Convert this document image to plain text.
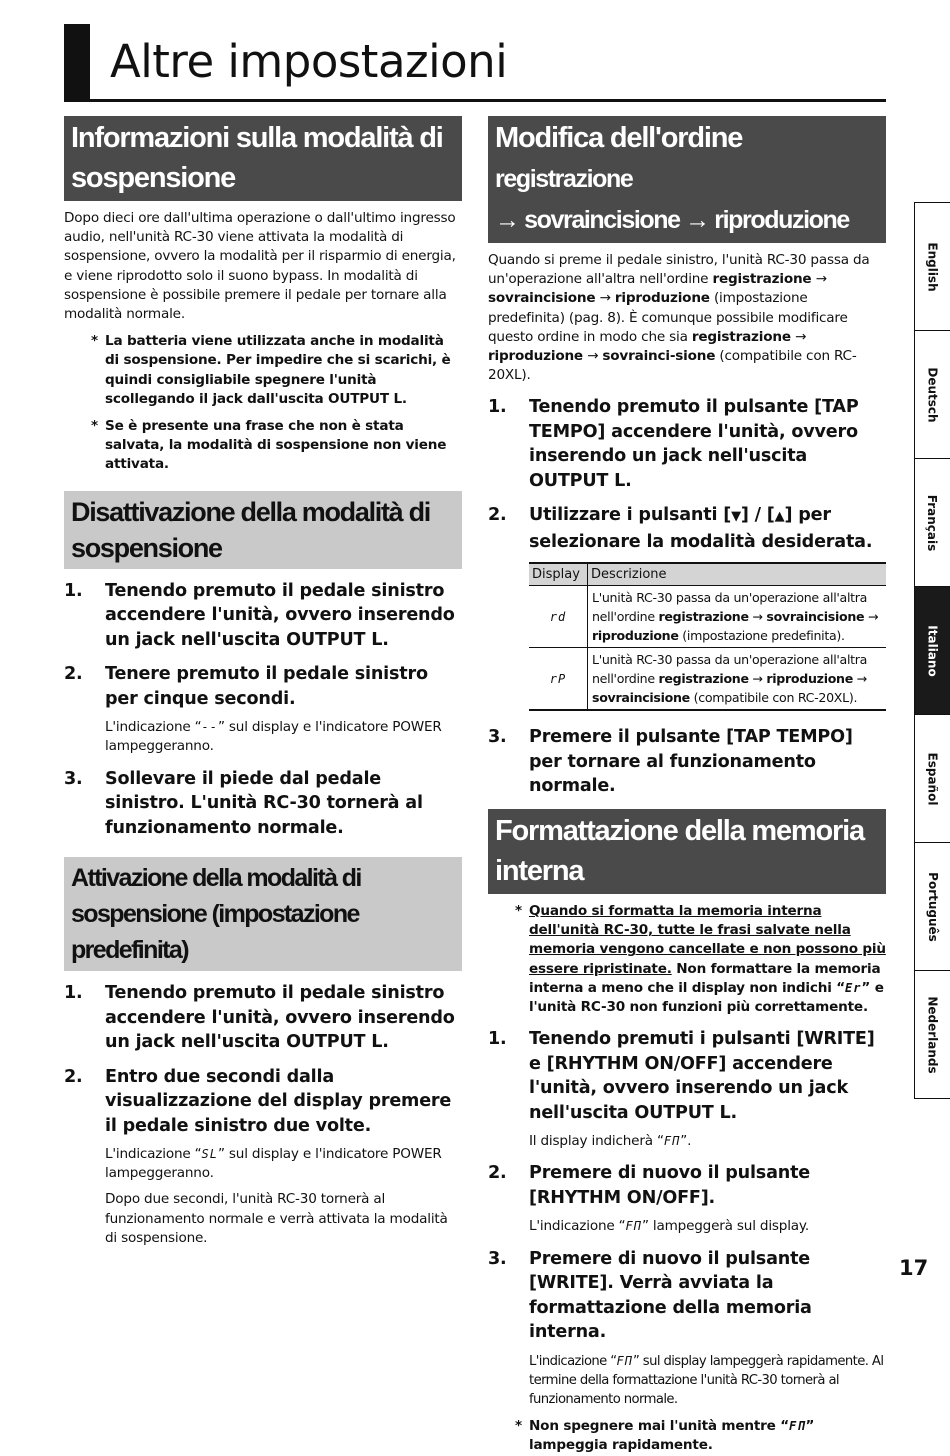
Altre impostazioni
Informazioni sulla modalità di sospensione

Dopo dieci ore dall'ultima operazione o dall'ultimo ingresso audio, nell'unità RC-30 viene attivata la modalità di sospensione, ovvero la modalità per il risparmio di energia, e viene riprodotto solo il suono bypass. In modalità di sospensione è possibile premere il pedale per tornare alla modalità normale.

* La batteria viene utilizzata anche in modalità di sospensione. Per impedire che si scarichi, è quindi consigliabile spegnere l'unità scollegando il jack dall'uscita OUTPUT L.
* Se è presente una frase che non è stata salvata, la modalità di sospensione non viene attivata.
Disattivazione della modalità di sospensione
1. Tenendo premuto il pedale sinistro accendere l'unità, ovvero inserendo un jack nell'uscita OUTPUT L.
2. Tenere premuto il pedale sinistro per cinque secondi.
L'indicazione “--” sul display e l'indicatore POWER lampeggeranno.
3. Sollevare il piede dal pedale sinistro. L'unità RC-30 tornerà al funzionamento normale.
Attivazione della modalità di sospensione (impostazione predefinita)
1. Tenendo premuto il pedale sinistro accendere l'unità, ovvero inserendo un jack nell'uscita OUTPUT L.
2. Entro due secondi dalla visualizzazione del display premere il pedale sinistro due volte.
L'indicazione “SL” sul display e l'indicatore POWER lampeggeranno.
Dopo due secondi, l'unità RC-30 tornerà al funzionamento normale e verrà attivata la modalità di sospensione.
Modifica dell'ordine registrazione
→ sovraincisione → riproduzione

Quando si preme il pedale sinistro, l'unità RC-30 passa da un'operazione all'altra nell'ordine registrazione → sovraincisione → riproduzione (impostazione predefinita) (pag. 8). È comunque possibile modificare questo ordine in modo che sia registrazione → riproduzione → sovrainci-sione (compatibile con RC-20XL).

1. Tenendo premuto il pulsante [TAP TEMPO] accendere l'unità, ovvero inserendo un jack nell'uscita OUTPUT L.
2. Utilizzare i pulsanti [▼] / [▲] per selezionare la modalità desiderata.
Display	Descrizione
rd	L'unità RC-30 passa da un'operazione all'altra nell'ordine registrazione → sovraincisione → riproduzione (impostazione predefinita).
rP	L'unità RC-30 passa da un'operazione all'altra nell'ordine registrazione → riproduzione → sovraincisione (compatibile con RC-20XL).
3. Premere il pulsante [TAP TEMPO] per tornare al funzionamento normale.
Formattazione della memoria interna
* Quando si formatta la memoria interna dell'unità RC-30, tutte le frasi salvate nella memoria vengono cancellate e non possono più essere ripristinate. Non formattare la memoria interna a meno che il display non indichi “Er” e l'unità RC-30 non funzioni più correttamente.
1. Tenendo premuti i pulsanti [WRITE] e [RHYTHM ON/OFF] accendere l'unità, ovvero inserendo un jack nell'uscita OUTPUT L.
Il display indicherà “FП”.
2. Premere di nuovo il pulsante [RHYTHM ON/OFF].
L'indicazione “FП” lampeggerà sul display.
3. Premere di nuovo il pulsante [WRITE]. Verrà avviata la formattazione della memoria interna.
L'indicazione “FП” sul display lampeggerà rapidamente. Al termine della formattazione l'unità RC-30 tornerà al funzionamento normale.
* Non spegnere mai l'unità mentre “FП” lampeggia rapidamente.
English
Deutsch
Français
Italiano
Español
Português
Nederlands
17
